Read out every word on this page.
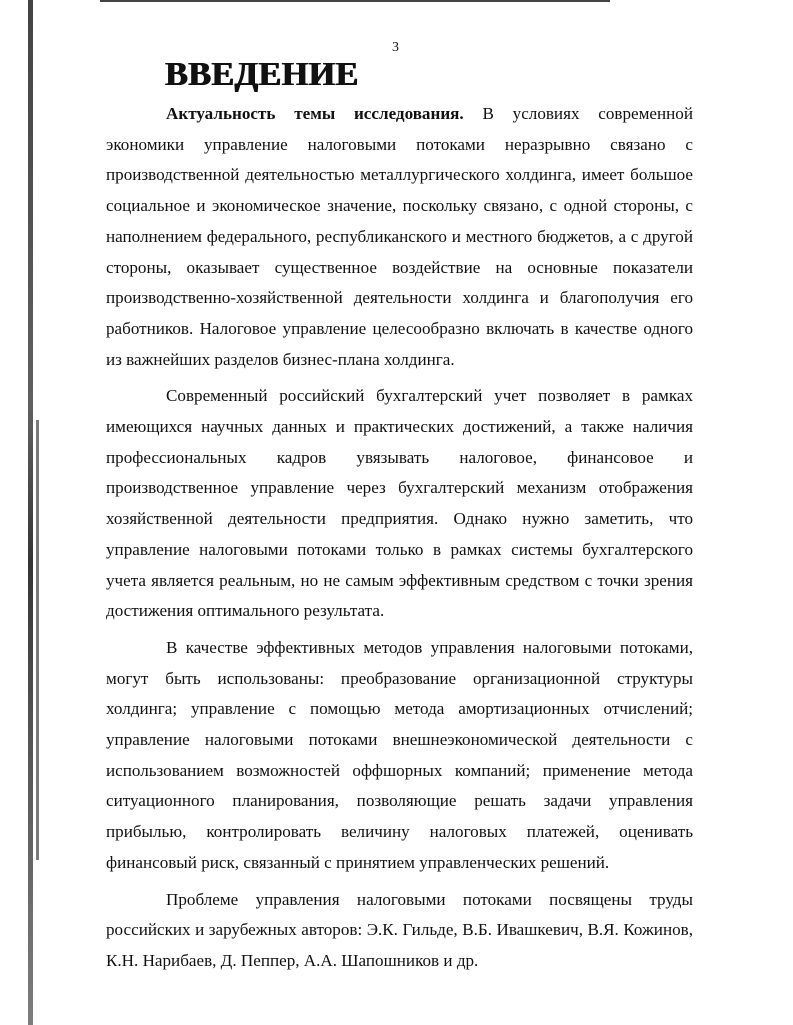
3
ВВЕДЕНИЕ

Актуальность темы исследования. В условиях современной экономики управление налоговыми потоками неразрывно связано с производственной деятельностью металлургического холдинга, имеет большое социальное и экономическое значение, поскольку связано, с одной стороны, с наполнением федерального, республиканского и местного бюджетов, а с другой стороны, оказывает существенное воздействие на основные показатели производственно-хозяйственной деятельности холдинга и благополучия его работников. Налоговое управление целесообразно включать в качестве одного из важнейших разделов бизнес-плана холдинга.

Современный российский бухгалтерский учет позволяет в рамках имеющихся научных данных и практических достижений, а также наличия профессиональных кадров увязывать налоговое, финансовое и производственное управление через бухгалтерский механизм отображения хозяйственной деятельности предприятия. Однако нужно заметить, что управление налоговыми потоками только в рамках системы бухгалтерского учета является реальным, но не самым эффективным средством с точки зрения достижения оптимального результата.

В качестве эффективных методов управления налоговыми потоками, могут быть использованы: преобразование организационной структуры холдинга; управление с помощью метода амортизационных отчислений; управление налоговыми потоками внешнеэкономической деятельности с использованием возможностей оффшорных компаний; применение метода ситуационного планирования, позволяющие решать задачи управления прибылью, контролировать величину налоговых платежей, оценивать финансовый риск, связанный с принятием управленческих решений.

Проблеме управления налоговыми потоками посвящены труды российских и зарубежных авторов: Э.К. Гильде, В.Б. Ивашкевич, В.Я. Кожинов, К.Н. Нарибаев, Д. Пеппер, А.А. Шапошников и др.
